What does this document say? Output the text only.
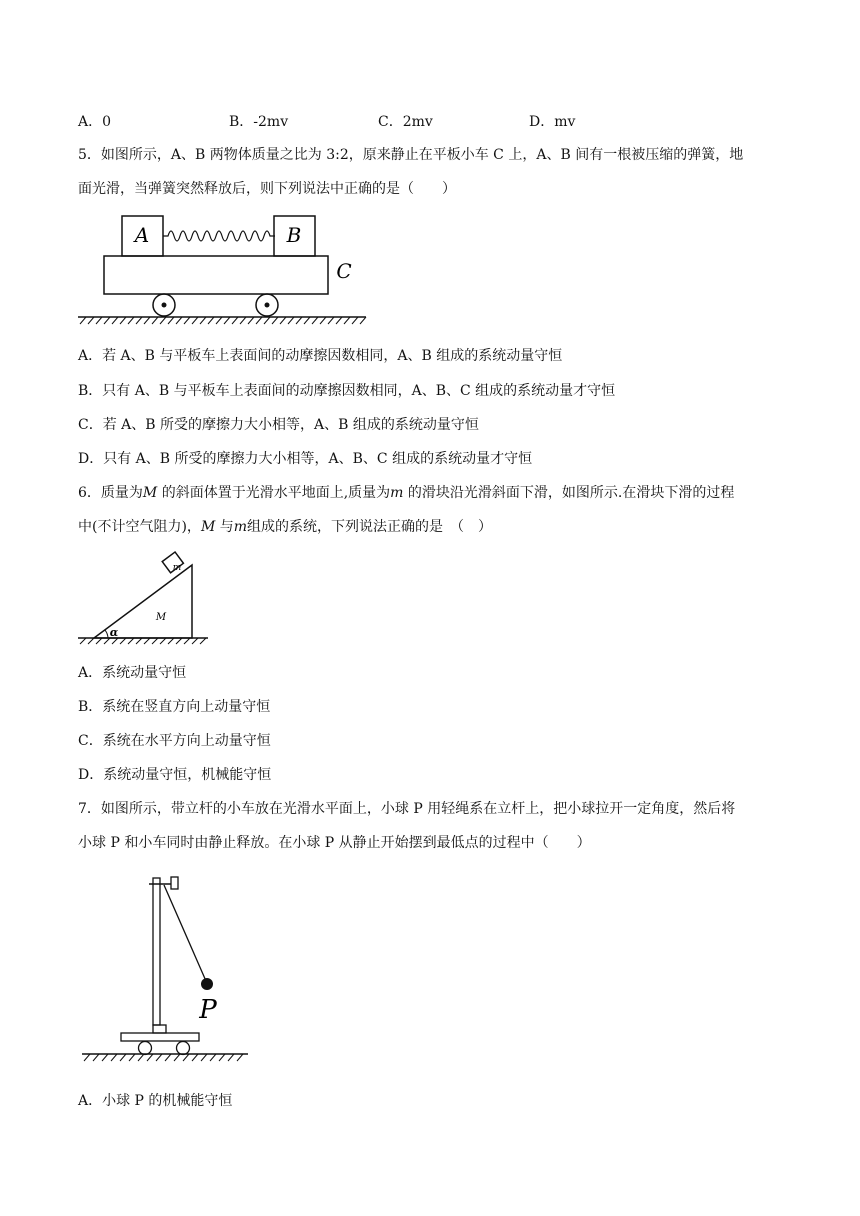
A．0	B．-2mv	C．2mv	D．mv
5．如图所示，A、B 两物体质量之比为 3:2，原来静止在平板小车 C 上，A、B 间有一根被压缩的弹簧，地
面光滑，当弹簧突然释放后，则下列说法中正确的是（　　）
A	B
C
A．若 A、B 与平板车上表面间的动摩擦因数相同，A、B 组成的系统动量守恒
B．只有 A、B 与平板车上表面间的动摩擦因数相同，A、B、C 组成的系统动量才守恒
C．若 A、B 所受的摩擦力大小相等，A、B 组成的系统动量守恒
D．只有 A、B 所受的摩擦力大小相等，A、B、C 组成的系统动量才守恒
6．质量为M 的斜面体置于光滑水平地面上,质量为m 的滑块沿光滑斜面下滑，如图所示.在滑块下滑的过程
中(不计空气阻力)，M 与m组成的系统，下列说法正确的是　（　）
m
M
α
A．系统动量守恒
B．系统在竖直方向上动量守恒
C．系统在水平方向上动量守恒
D．系统动量守恒，机械能守恒
7．如图所示，带立杆的小车放在光滑水平面上，小球 P 用轻绳系在立杆上，把小球拉开一定角度，然后将
小球 P 和小车同时由静止释放。在小球 P 从静止开始摆到最低点的过程中（　　）
P
A．小球 P 的机械能守恒
